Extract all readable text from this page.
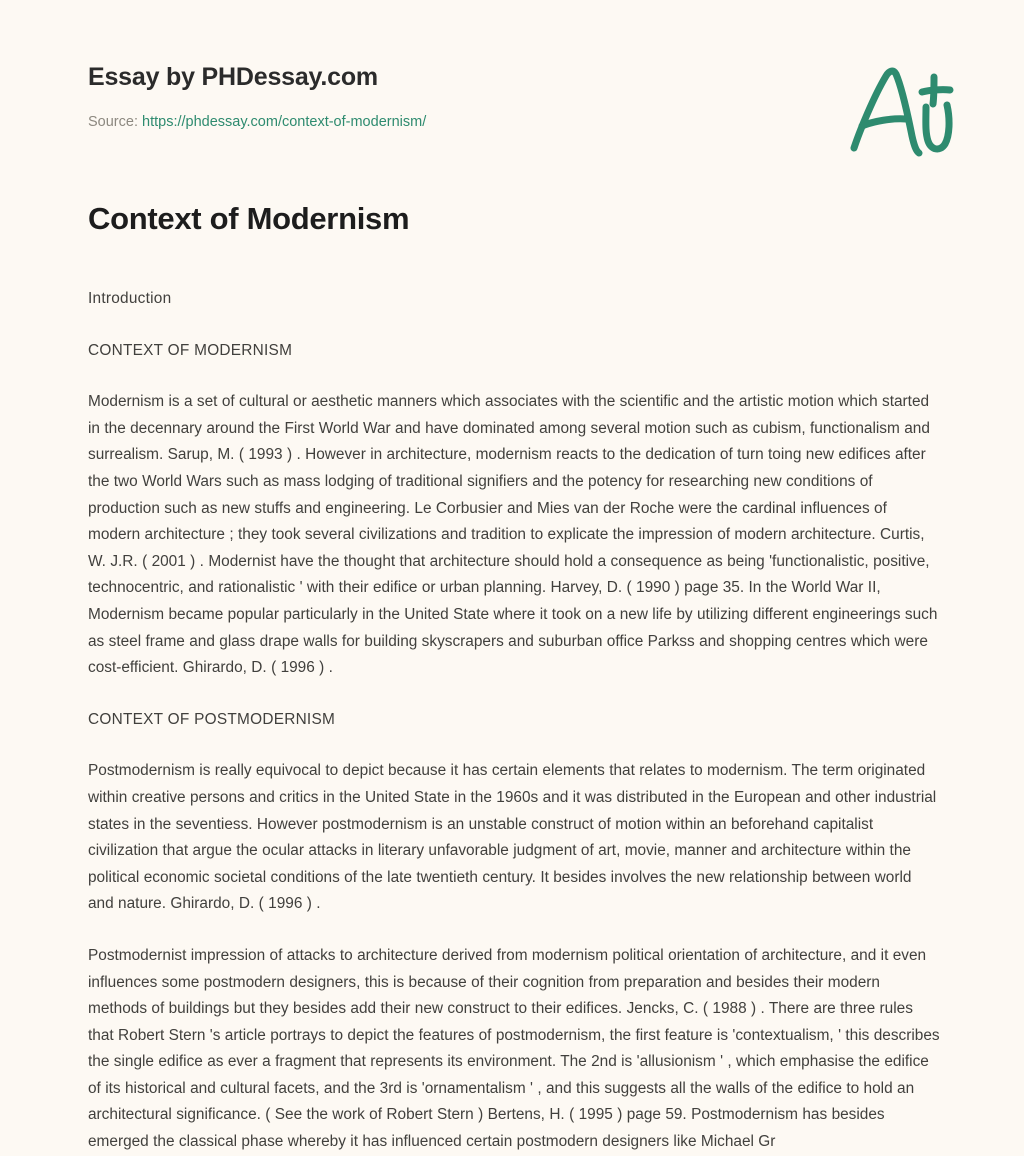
Essay by PHDessay.com
Source: https://phdessay.com/context-of-modernism/
Context of Modernism

Introduction

CONTEXT OF MODERNISM

Modernism is a set of cultural or aesthetic manners which associates with the scientific and the artistic motion which started in the decennary around the First World War and have dominated among several motion such as cubism, functionalism and surrealism. Sarup, M. ( 1993 ) . However in architecture, modernism reacts to the dedication of turn toing new edifices after the two World Wars such as mass lodging of traditional signifiers and the potency for researching new conditions of production such as new stuffs and engineering. Le Corbusier and Mies van der Roche were the cardinal influences of modern architecture ; they took several civilizations and tradition to explicate the impression of modern architecture. Curtis, W. J.R. ( 2001 ) . Modernist have the thought that architecture should hold a consequence as being 'functionalistic, positive, technocentric, and rationalistic ' with their edifice or urban planning. Harvey, D. ( 1990 ) page 35. In the World War II, Modernism became popular particularly in the United State where it took on a new life by utilizing different engineerings such as steel frame and glass drape walls for building skyscrapers and suburban office Parkss and shopping centres which were cost-efficient. Ghirardo, D. ( 1996 ) .

CONTEXT OF POSTMODERNISM

Postmodernism is really equivocal to depict because it has certain elements that relates to modernism. The term originated within creative persons and critics in the United State in the 1960s and it was distributed in the European and other industrial states in the seventiess. However postmodernism is an unstable construct of motion within an beforehand capitalist civilization that argue the ocular attacks in literary unfavorable judgment of art, movie, manner and architecture within the political economic societal conditions of the late twentieth century. It besides involves the new relationship between world and nature. Ghirardo, D. ( 1996 ) .

Postmodernist impression of attacks to architecture derived from modernism political orientation of architecture, and it even influences some postmodern designers, this is because of their cognition from preparation and besides their modern methods of buildings but they besides add their new construct to their edifices. Jencks, C. ( 1988 ) . There are three rules that Robert Stern 's article portrays to depict the features of postmodernism, the first feature is 'contextualism, ' this describes the single edifice as ever a fragment that represents its environment. The 2nd is 'allusionism ' , which emphasise the edifice of its historical and cultural facets, and the 3rd is 'ornamentalism ' , and this suggests all the walls of the edifice to hold an architectural significance. ( See the work of Robert Stern ) Bertens, H. ( 1995 ) page 59. Postmodernism has besides emerged the classical phase whereby it has influenced certain postmodern designers like Michael Gr
